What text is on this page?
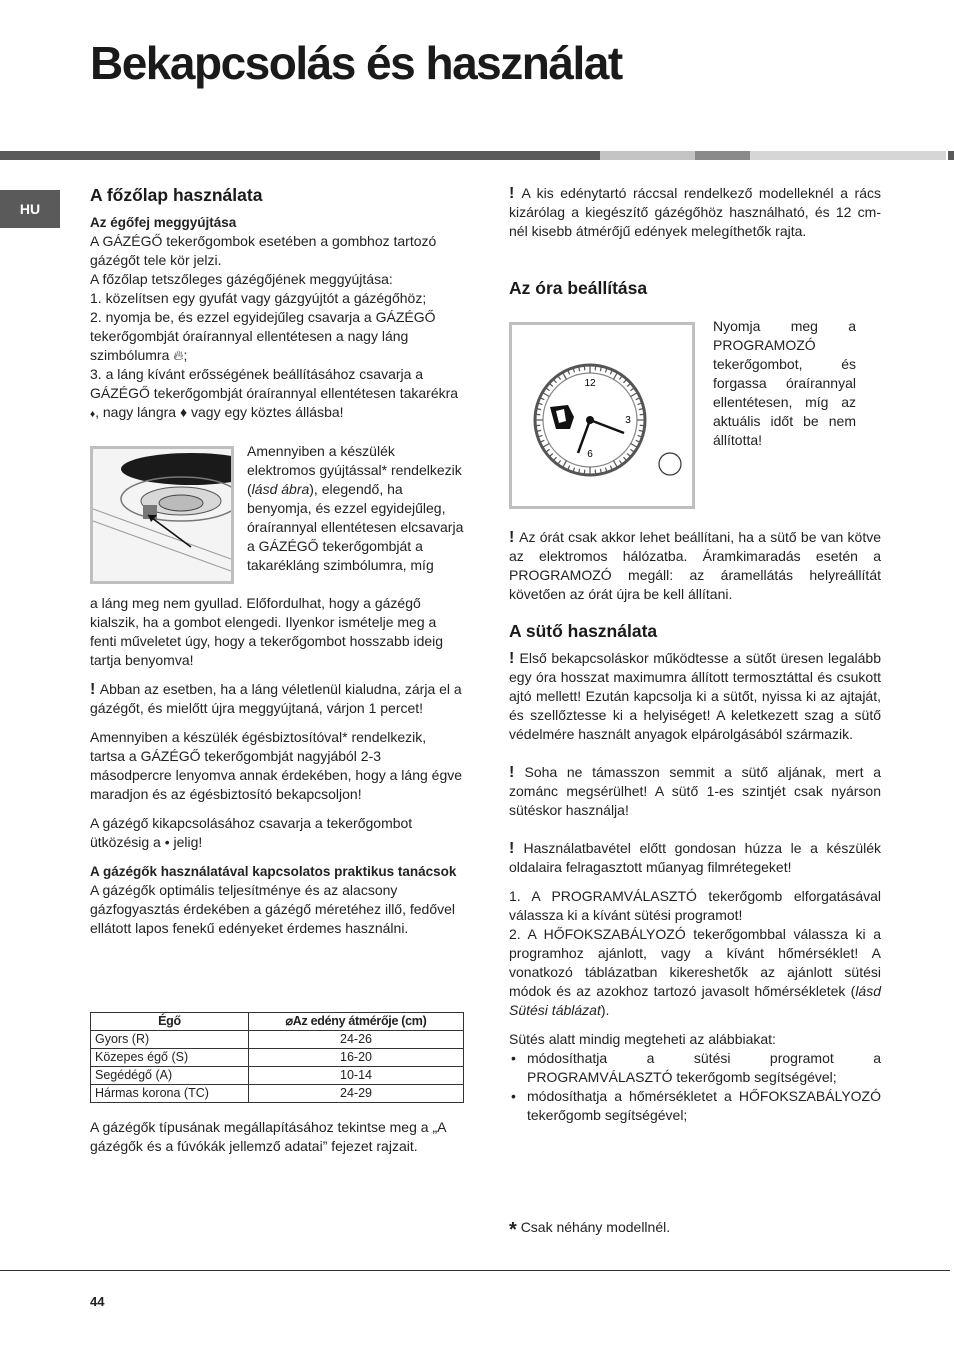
Bekapcsolás és használat
HU
A főzőlap használata
Az égőfej meggyújtása

A GÁZÉGŐ tekerőgombok esetében a gombhoz tartozó gázégőt tele kör jelzi.

A főzőlap tetszőleges gázégőjének meggyújtása:

1. közelítsen egy gyufát vagy gázgyújtót a gázégőhöz;

2. nyomja be, és ezzel egyidejűleg csavarja a GÁZÉGŐ tekerőgombját óraírannyal ellentétesen a nagy láng szimbólumra 🔥︎;

3. a láng kívánt erősségének beállításához csavarja a GÁZÉGŐ tekerőgombját óraírannyal ellentétesen takarékra ♦, nagy lángra ♦ vagy egy köztes állásba!

Amennyiben a készülék elektromos gyújtással* rendelkezik (lásd ábra), elegendő, ha benyomja, és ezzel egyidejűleg, óraírannyal ellentétesen elcsavarja a GÁZÉGŐ tekerőgombját a takarékláng szimbólumra, míg

a láng meg nem gyullad. Előfordulhat, hogy a gázégő kialszik, ha a gombot elengedi. Ilyenkor ismételje meg a fenti műveletet úgy, hogy a tekerőgombot hosszabb ideig tartja benyomva!

! Abban az esetben, ha a láng véletlenül kialudna, zárja el a gázégőt, és mielőtt újra meggyújtaná, várjon 1 percet!

Amennyiben a készülék égésbiztosítóval* rendelkezik, tartsa a GÁZÉGŐ tekerőgombját nagyjából 2-3 másodpercre lenyomva annak érdekében, hogy a láng égve maradjon és az égésbiztosító bekapcsoljon!

A gázégő kikapcsolásához csavarja a tekerőgombot ütközésig a • jelig!

A gázégők használatával kapcsolatos praktikus tanácsok

A gázégők optimális teljesítménye és az alacsony gázfogyasztás érdekében a gázégő méretéhez illő, fedővel ellátott lapos fenekű edényeket érdemes használni.

Égő	⌀Az edény átmérője (cm)
Gyors (R)	24-26
Közepes égő (S)	16-20
Segédégő (A)	10-14
Hármas korona (TC)	24-29

A gázégők típusának megállapításához tekintse meg a „A gázégők és a fúvókák jellemző adatai” fejezet rajzait.

! A kis edénytartó ráccsal rendelkező modelleknél a rács kizárólag a kiegészítő gázégőhöz használható, és 12 cm-nél kisebb átmérőjű edények melegíthetők rajta.

Az óra beállítása
12
3
6

Nyomja meg a PROGRAMOZÓ tekerőgombot, és forgassa óraírannyal ellentétesen, míg az aktuális időt be nem állította!

! Az órát csak akkor lehet beállítani, ha a sütő be van kötve az elektromos hálózatba. Áramkimaradás esetén a PROGRAMOZÓ megáll: az áramellátás helyreállítát követően az órát újra be kell állítani.

A sütő használata

! Első bekapcsoláskor működtesse a sütőt üresen legalább egy óra hosszat maximumra állított termosztáttal és csukott ajtó mellett! Ezután kapcsolja ki a sütőt, nyissa ki az ajtaját, és szellőztesse ki a helyiséget! A keletkezett szag a sütő védelmére használt anyagok elpárolgásából származik.

! Soha ne támasszon semmit a sütő aljának, mert a zománc megsérülhet! A sütő 1-es szintjét csak nyárson sütéskor használja!

! Használatbavétel előtt gondosan húzza le a készülék oldalaira felragasztott műanyag filmrétegeket!

1. A PROGRAMVÁLASZTÓ tekerőgomb elforgatásával válassza ki a kívánt sütési programot!

2. A HŐFOKSZABÁLYOZÓ tekerőgombbal válassza ki a programhoz ajánlott, vagy a kívánt hőmérséklet! A vonatkozó táblázatban kikereshetők az ajánlott sütési módok és az azokhoz tartozó javasolt hőmérsékletek (lásd Sütési táblázat).

Sütés alatt mindig megteheti az alábbiakat:

• módosíthatja a sütési programot a PROGRAMVÁLASZTÓ tekerőgomb segítségével;
• módosíthatja a hőmérsékletet a HŐFOKSZABÁLYOZÓ tekerőgomb segítségével;

* Csak néhány modellnél.

44
